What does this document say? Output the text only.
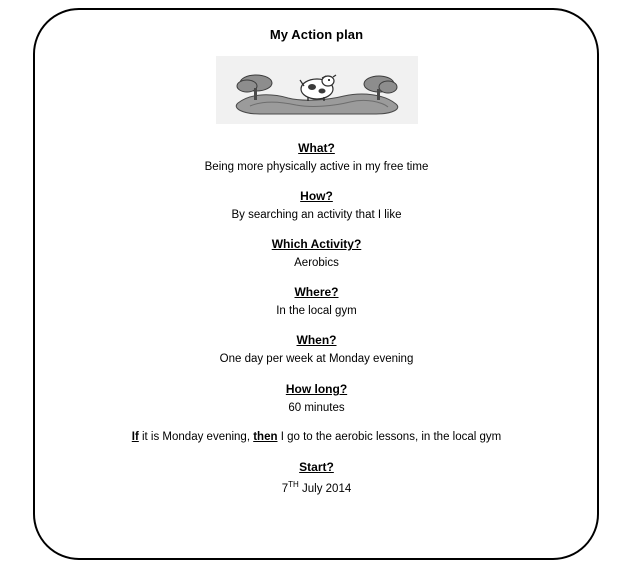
My Action plan
What?
Being more physically active in my free time
How?
By searching an activity that I like
Which Activity?
Aerobics
Where?
In the local gym
When?
One day per week at Monday evening
How long?
60 minutes
If it is Monday evening, then I go to the aerobic lessons, in the local gym
Start?
7TH July 2014
